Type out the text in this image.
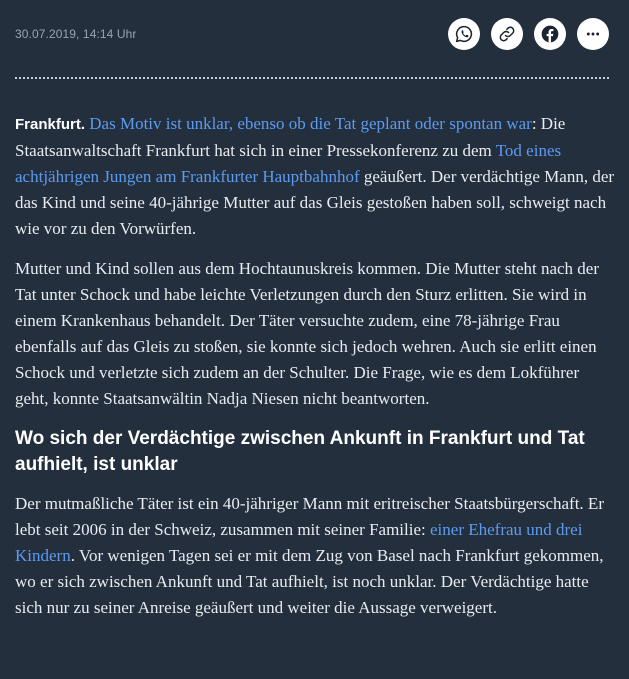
30.07.2019, 14:14 Uhr

Frankfurt. Das Motiv ist unklar, ebenso ob die Tat geplant oder spontan war: Die Staatsanwaltschaft Frankfurt hat sich in einer Pressekonferenz zu dem Tod eines achtjährigen Jungen am Frankfurter Hauptbahnhof geäußert. Der verdächtige Mann, der das Kind und seine 40-jährige Mutter auf das Gleis gestoßen haben soll, schweigt nach wie vor zu den Vorwürfen.

Mutter und Kind sollen aus dem Hochtaunuskreis kommen. Die Mutter steht nach der Tat unter Schock und habe leichte Verletzungen durch den Sturz erlitten. Sie wird in einem Krankenhaus behandelt. Der Täter versuchte zudem, eine 78-jährige Frau ebenfalls auf das Gleis zu stoßen, sie konnte sich jedoch wehren. Auch sie erlitt einen Schock und verletzte sich zudem an der Schulter. Die Frage, wie es dem Lokführer geht, konnte Staatsanwältin Nadja Niesen nicht beantworten.

Wo sich der Verdächtige zwischen Ankunft in Frankfurt und Tat aufhielt, ist unklar

Der mutmaßliche Täter ist ein 40-jähriger Mann mit eritreischer Staatsbürgerschaft. Er lebt seit 2006 in der Schweiz, zusammen mit seiner Familie: einer Ehefrau und drei Kindern. Vor wenigen Tagen sei er mit dem Zug von Basel nach Frankfurt gekommen, wo er sich zwischen Ankunft und Tat aufhielt, ist noch unklar. Der Verdächtige hatte sich nur zu seiner Anreise geäußert und weiter die Aussage verweigert.
